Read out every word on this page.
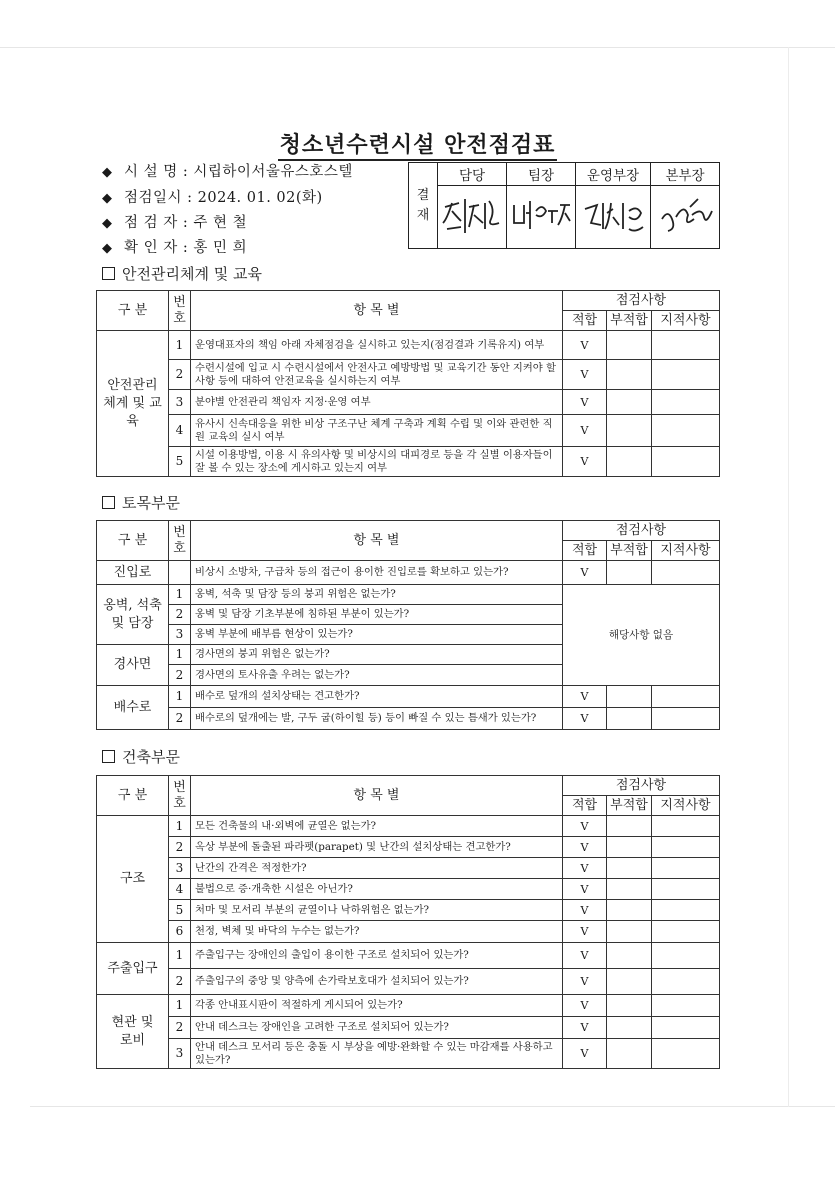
청소년수련시설 안전점검표
◆ 시 설 명 : 시립하이서울유스호스텔
◆ 점검일시 : 2024. 01. 02(화)
◆ 점 검 자 : 주 현 철
◆ 확 인 자 : 홍 민 희
결 재	담당	팀장	운영부장	본부장

안전관리체계 및 교육
구 분	번
호	항 목 별	점검사항		
			적합	부적합	지적사항
안전관리
체계 및 교육	1	운영대표자의 책임 아래 자체점검을 실시하고 있는지(점검결과 기록유지) 여부	V		
	2	수련시설에 입교 시 수련시설에서 안전사고 예방방법 및 교육기간 동안 지켜야 할 사항 등에 대하여 안전교육을 실시하는지 여부	V		
	3	분야별 안전관리 책임자 지정·운영 여부	V		
	4	유사시 신속대응을 위한 비상 구조구난 체계 구축과 계획 수립 및 이와 관련한 직원 교육의 실시 여부	V		
	5	시설 이용방법, 이용 시 유의사항 및 비상시의 대피경로 등을 각 실별 이용자들이 잘 볼 수 있는 장소에 게시하고 있는지 여부	V		
토목부문
구 분	번
호	항 목 별	점검사항		
			적합	부적합	지적사항
진입로		비상시 소방차, 구급차 등의 접근이 용이한 진입로를 확보하고 있는가?	V		
옹벽, 석축
및 담장	1	옹벽, 석축 및 담장 등의 붕괴 위험은 없는가?	해당사항 없음		
	2	옹벽 및 담장 기초부분에 침하된 부분이 있는가?			
	3	옹벽 부분에 배부름 현상이 있는가?			
경사면	1	경사면의 붕괴 위험은 없는가?			
	2	경사면의 토사유출 우려는 없는가?			
배수로	1	배수로 덮개의 설치상태는 견고한가?	V		
	2	배수로의 덮개에는 발, 구두 굽(하이힐 등) 등이 빠질 수 있는 틈새가 있는가?	V		
건축부문
구 분	번
호	항 목 별	점검사항		
			적합	부적합	지적사항
구조	1	모든 건축물의 내·외벽에 균열은 없는가?	V		
	2	옥상 부분에 돌출된 파라펫(parapet) 및 난간의 설치상태는 견고한가?	V		
	3	난간의 간격은 적정한가?	V		
	4	불법으로 증·개축한 시설은 아닌가?	V		
	5	처마 및 모서리 부분의 균열이나 낙하위험은 없는가?	V		
	6	천정, 벽체 및 바닥의 누수는 없는가?	V		
주출입구	1	주출입구는 장애인의 출입이 용이한 구조로 설치되어 있는가?	V		
	2	주출입구의 중앙 및 양측에 손가락보호대가 설치되어 있는가?	V		
현관 및
로비	1	각종 안내표시판이 적절하게 게시되어 있는가?	V		
	2	안내 데스크는 장애인을 고려한 구조로 설치되어 있는가?	V		
	3	안내 데스크 모서리 등은 충돌 시 부상을 예방·완화할 수 있는 마감재를 사용하고 있는가?	V		
